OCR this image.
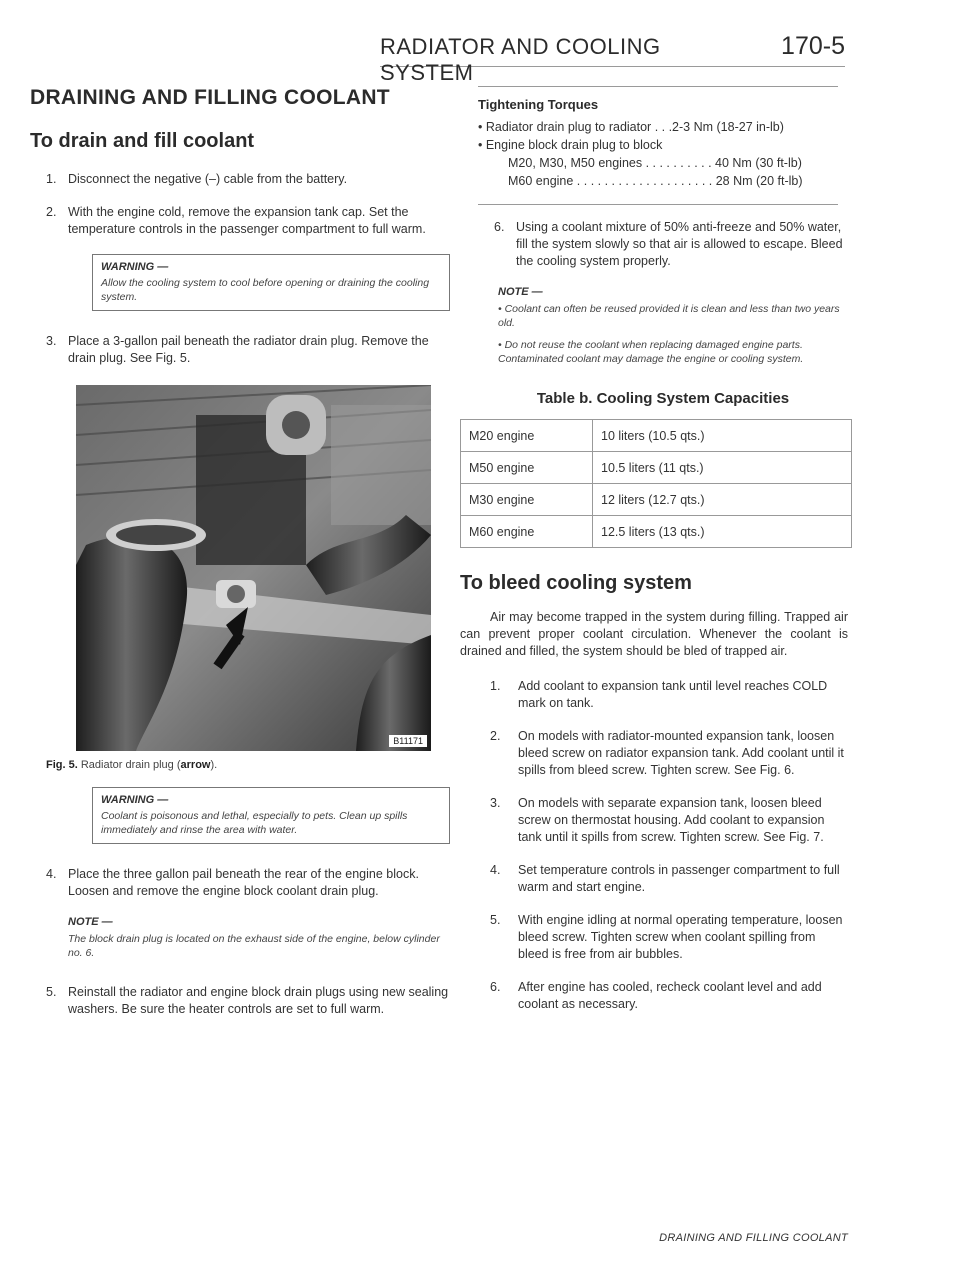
RADIATOR AND COOLING SYSTEM
170-5
DRAINING AND FILLING COOLANT
To drain and fill coolant
1. Disconnect the negative (–) cable from the battery.
2. With the engine cold, remove the expansion tank cap. Set the temperature controls in the passenger compartment to full warm.
WARNING —
Allow the cooling system to cool before opening or draining the cooling system.
3. Place a 3-gallon pail beneath the radiator drain plug. Remove the drain plug. See Fig. 5.
B11171
Fig. 5. Radiator drain plug (arrow).
WARNING —
Coolant is poisonous and lethal, especially to pets. Clean up spills immediately and rinse the area with water.
4. Place the three gallon pail beneath the rear of the engine block. Loosen and remove the engine block coolant drain plug.
NOTE —
The block drain plug is located on the exhaust side of the engine, below cylinder no. 6.
5. Reinstall the radiator and engine block drain plugs using new sealing washers. Be sure the heater controls are set to full warm.
Tightening Torques
• Radiator drain plug to radiator . . .2-3 Nm (18-27 in-lb)
• Engine block drain plug to block
M20, M30, M50 engines . . . . . . . . . . 40 Nm (30 ft-lb)
M60 engine . . . . . . . . . . . . . . . . . . . . 28 Nm (20 ft-lb)
6. Using a coolant mixture of 50% anti-freeze and 50% water, fill the system slowly so that air is allowed to escape. Bleed the cooling system properly.
NOTE —
• Coolant can often be reused provided it is clean and less than two years old.
• Do not reuse the coolant when replacing damaged engine parts. Contaminated coolant may damage the engine or cooling system.
Table b. Cooling System Capacities
M20 engine	10 liters (10.5 qts.)
M50 engine	10.5 liters (11 qts.)
M30 engine	12 liters (12.7 qts.)
M60 engine	12.5 liters (13 qts.)
To bleed cooling system
Air may become trapped in the system during filling. Trapped air can prevent proper coolant circulation. Whenever the coolant is drained and filled, the system should be bled of trapped air.
1. Add coolant to expansion tank until level reaches COLD mark on tank.
2. On models with radiator-mounted expansion tank, loosen bleed screw on radiator expansion tank. Add coolant until it spills from bleed screw. Tighten screw. See Fig. 6.
3. On models with separate expansion tank, loosen bleed screw on thermostat housing. Add coolant to expansion tank until it spills from screw. Tighten screw. See Fig. 7.
4. Set temperature controls in passenger compartment to full warm and start engine.
5. With engine idling at normal operating temperature, loosen bleed screw. Tighten screw when coolant spilling from bleed is free from air bubbles.
6. After engine has cooled, recheck coolant level and add coolant as necessary.
DRAINING AND FILLING COOLANT
